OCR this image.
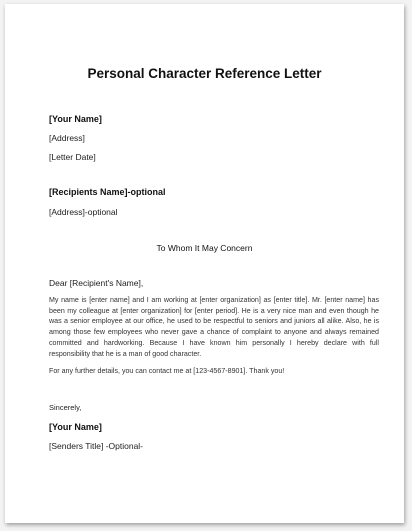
Personal Character Reference Letter
[Your Name]
[Address]
[Letter Date]
[Recipients Name]-optional
[Address]-optional
To Whom It May Concern
Dear [Recipient's Name],
My name is [enter name] and I am working at [enter organization] as [enter title]. Mr. [enter name] has been my colleague at [enter organization] for [enter period]. He is a very nice man and even though he was a senior employee at our office, he used to be respectful to seniors and juniors all alike. Also, he is among those few employees who never gave a chance of complaint to anyone and always remained committed and hardworking. Because I have known him personally I hereby declare with full responsibility that he is a man of good character.
For any further details, you can contact me at [123-4567-8901]. Thank you!
Sincerely,
[Your Name]
[Senders Title] -Optional-
